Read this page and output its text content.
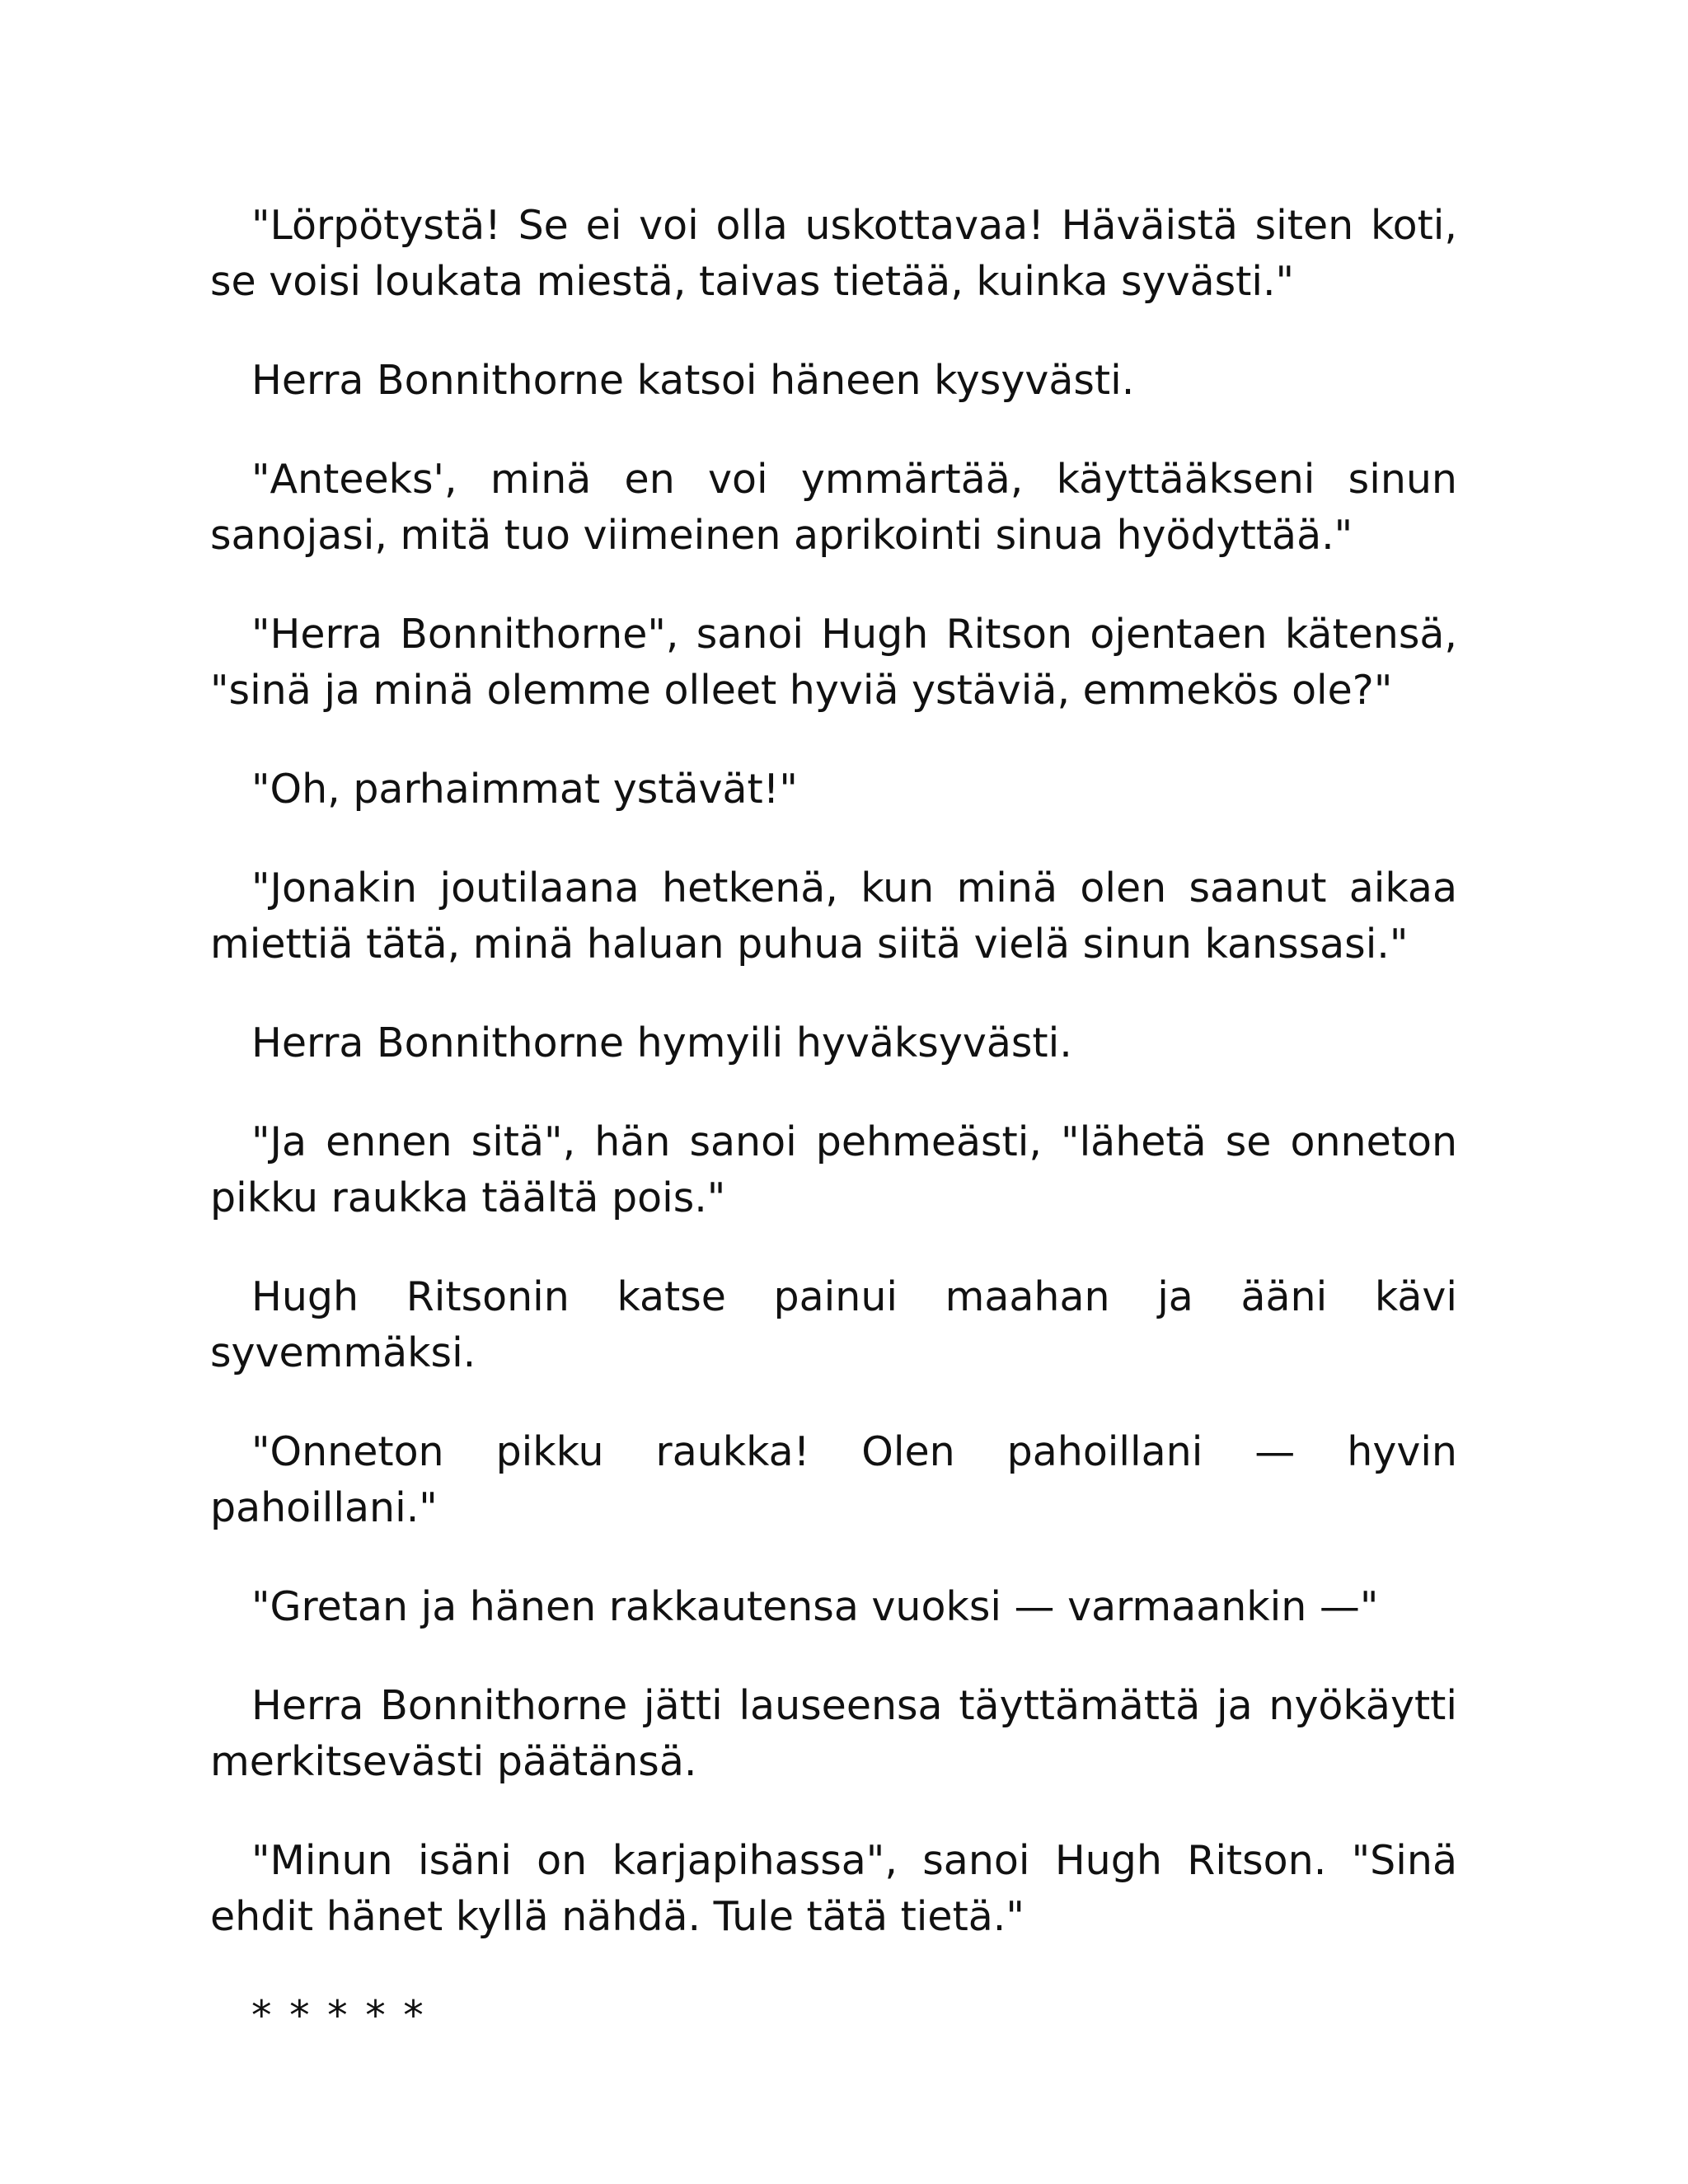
"Lörpötystä! Se ei voi olla uskottavaa! Häväistä siten koti, se voisi loukata miestä, taivas tietää, kuinka syvästi."

Herra Bonnithorne katsoi häneen kysyvästi.

"Anteeks', minä en voi ymmärtää, käyttääkseni sinun sanojasi, mitä tuo viimeinen aprikointi sinua hyödyttää."

"Herra Bonnithorne", sanoi Hugh Ritson ojentaen kätensä, "sinä ja minä olemme olleet hyviä ystäviä, emmekös ole?"

"Oh, parhaimmat ystävät!"

"Jonakin joutilaana hetkenä, kun minä olen saanut aikaa miettiä tätä, minä haluan puhua siitä vielä sinun kanssasi."

Herra Bonnithorne hymyili hyväksyvästi.

"Ja ennen sitä", hän sanoi pehmeästi, "lähetä se onneton pikku raukka täältä pois."

Hugh Ritsonin katse painui maahan ja ääni kävi syvemmäksi.

"Onneton pikku raukka! Olen pahoillani — hyvin pahoillani."

"Gretan ja hänen rakkautensa vuoksi — varmaankin —"

Herra Bonnithorne jätti lauseensa täyttämättä ja nyökäytti merkitsevästi päätänsä.

"Minun isäni on karjapihassa", sanoi Hugh Ritson. "Sinä ehdit hänet kyllä nähdä. Tule tätä tietä."

* * * * *
